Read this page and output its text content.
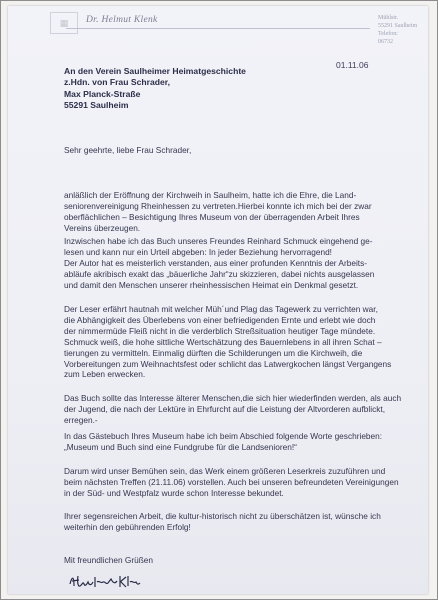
▦	Dr. Helmut Klenk	Mühlstr.
55291 Saulheim
Telefon:
06732
01.11.06
An den Verein Saulheimer Heimatgeschichte
z.Hdn. von Frau Schrader,
Max Planck-Straße
55291 Saulheim
Sehr geehrte, liebe Frau Schrader,
anläßlich der Eröffnung der Kirchweih in Saulheim, hatte ich die Ehre, die Land-
seniorenvereinigung Rheinhessen zu vertreten.Hierbei konnte ich mich bei der zwar
oberflächlichen – Besichtigung Ihres Museum von der überragenden Arbeit Ihres
Vereins überzeugen.
Inzwischen habe ich das Buch unseres Freundes Reinhard Schmuck eingehend ge-
lesen und kann nur ein Urteil abgeben: In jeder Beziehung hervorragend!
Der Autor hat es meisterlich verstanden, aus einer profunden Kenntnis der Arbeits-
abläufe akribisch exakt das „bäuerliche Jahr“zu skizzieren, dabei nichts ausgelassen
und damit den Menschen unserer rheinhessischen Heimat ein Denkmal gesetzt.
Der Leser erfährt hautnah mit welcher Müh´und Plag das Tagewerk zu verrichten war,
die Abhängigkeit des Überlebens von einer befriedigenden Ernte und erlebt wie doch
der nimmermüde Fleiß nicht in die verderblich Streßsituation heutiger Tage mündete.
Schmuck weiß, die hohe sittliche Wertschätzung des Bauernlebens in all ihren Schat –
tierungen zu vermitteln. Einmalig dürften die Schilderungen um die Kirchweih, die
Vorbereitungen zum Weihnachtsfest oder schlicht das Latwergkochen längst Vergangens
zum Leben erwecken.
Das Buch sollte das Interesse älterer Menschen,die sich hier wiederfinden werden, als auch
der Jugend, die nach der Lektüre in Ehrfurcht auf die Leistung der Altvorderen aufblickt,
erregen.-
In das Gästebuch Ihres Museum habe ich beim Abschied folgende Worte geschrieben:
„Museum und Buch sind eine Fundgrube für die Landsenioren!“
Darum wird unser Bemühen sein, das Werk einem größeren Leserkreis zuzuführen und
beim nächsten Treffen (21.11.06) vorstellen. Auch bei unseren befreundeten Vereinigungen
in der Süd- und Westpfalz wurde schon Interesse bekundet.
Ihrer segensreichen Arbeit, die kultur-historisch nicht zu überschätzen ist, wünsche ich
weiterhin den gebührenden Erfolg!
Mit freundlichen Grüßen
